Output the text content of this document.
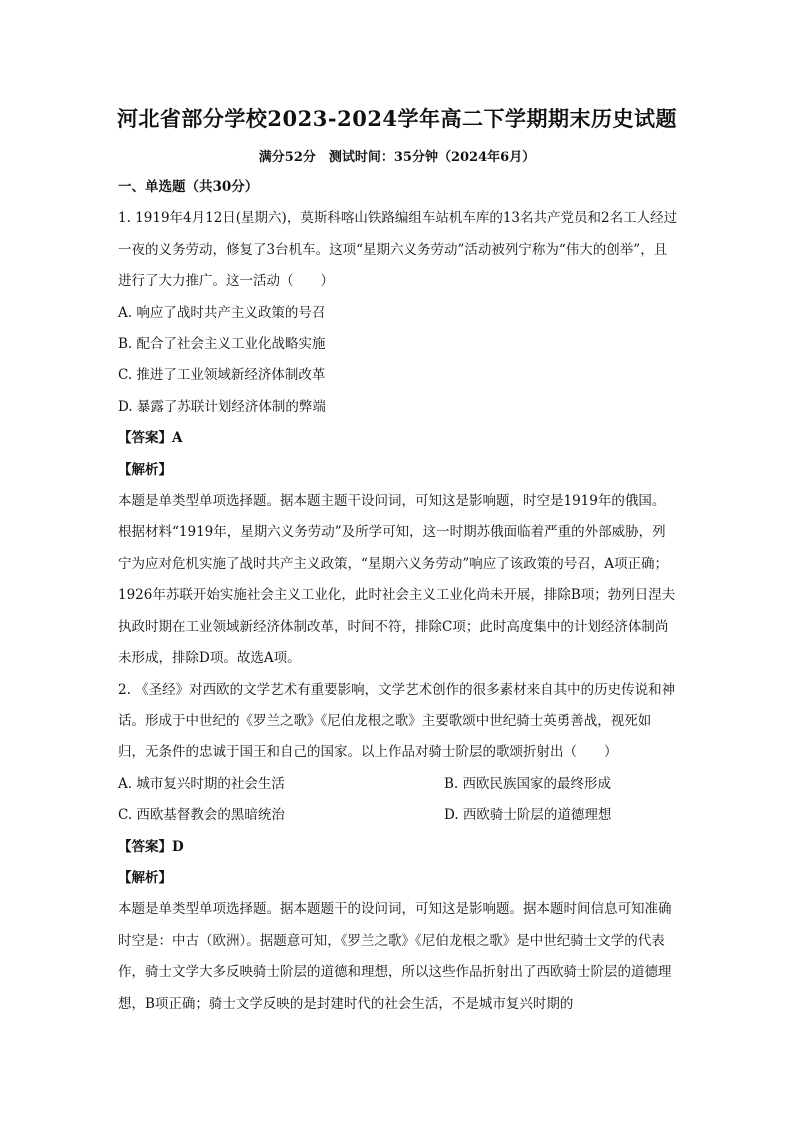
河北省部分学校2023-2024学年高二下学期期末历史试题
满分52分　测试时间：35分钟（2024年6月）

一、单选题（共30分）

1. 1919年4月12日(星期六)，莫斯科喀山铁路编组车站机车库的13名共产党员和2名工人经过一夜的义务劳动，修复了3台机车。这项“星期六义务劳动”活动被列宁称为“伟大的创举”，且进行了大力推广。这一活动（　　）

A. 响应了战时共产主义政策的号召

B. 配合了社会主义工业化战略实施

C. 推进了工业领域新经济体制改革

D. 暴露了苏联计划经济体制的弊端

【答案】A

【解析】

本题是单类型单项选择题。据本题主题干设问词，可知这是影响题，时空是1919年的俄国。根据材料“1919年，星期六义务劳动”及所学可知，这一时期苏俄面临着严重的外部威胁，列宁为应对危机实施了战时共产主义政策，“星期六义务劳动”响应了该政策的号召，A项正确；1926年苏联开始实施社会主义工业化，此时社会主义工业化尚未开展，排除B项；勃列日涅夫执政时期在工业领域新经济体制改革，时间不符，排除C项；此时高度集中的计划经济体制尚未形成，排除D项。故选A项。

2. 《圣经》对西欧的文学艺术有重要影响，文学艺术创作的很多素材来自其中的历史传说和神话。形成于中世纪的《罗兰之歌》《尼伯龙根之歌》主要歌颂中世纪骑士英勇善战，视死如归，无条件的忠诚于国王和自己的国家。以上作品对骑士阶层的歌颂折射出（　　）

A. 城市复兴时期的社会生活	B. 西欧民族国家的最终形成
C. 西欧基督教会的黑暗统治	D. 西欧骑士阶层的道德理想

【答案】D

【解析】

本题是单类型单项选择题。据本题题干的设问词，可知这是影响题。据本题时间信息可知准确时空是：中古（欧洲）。据题意可知，《罗兰之歌》《尼伯龙根之歌》是中世纪骑士文学的代表作，骑士文学大多反映骑士阶层的道德和理想，所以这些作品折射出了西欧骑士阶层的道德理想，B项正确；骑士文学反映的是封建时代的社会生活，不是城市复兴时期的
